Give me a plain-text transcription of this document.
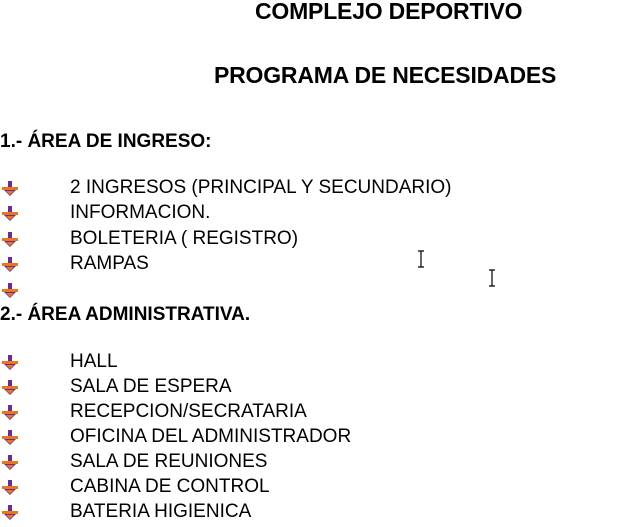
COMPLEJO DEPORTIVO
PROGRAMA DE NECESIDADES
1.- ÁREA DE INGRESO:
2 INGRESOS (PRINCIPAL Y SECUNDARIO)
INFORMACION.
BOLETERIA ( REGISTRO)
RAMPAS
2.- ÁREA ADMINISTRATIVA.
HALL
SALA DE ESPERA
RECEPCION/SECRATARIA
OFICINA DEL ADMINISTRADOR
SALA DE REUNIONES
CABINA DE CONTROL
BATERIA HIGIENICA
